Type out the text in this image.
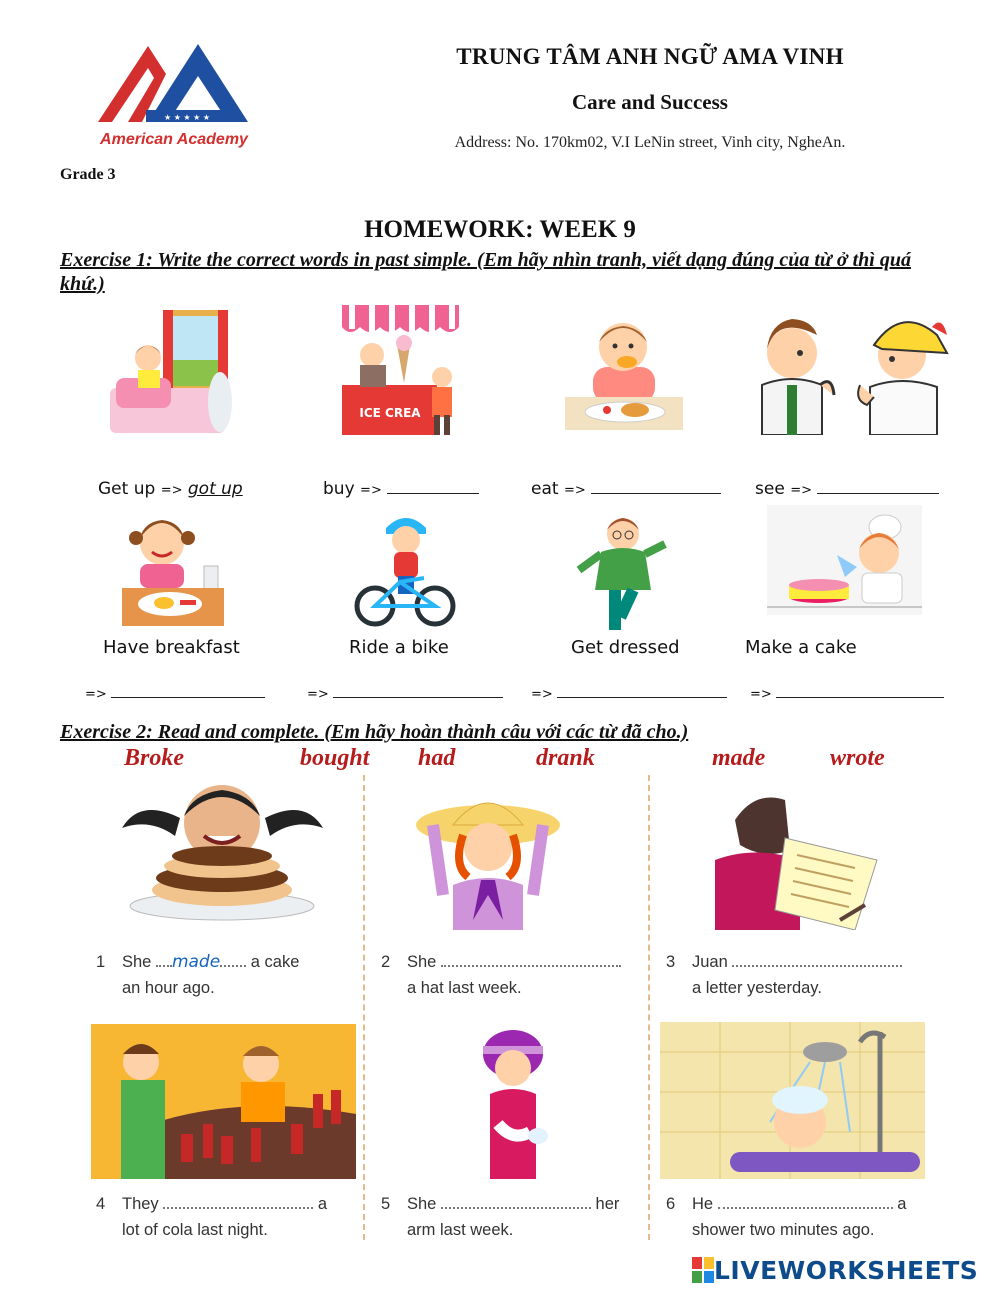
★ ★ ★ ★ ★
American Academy
TRUNG TÂM ANH NGỮ AMA VINH
Care and Success
Address: No. 170km02, V.I LeNin street, Vinh city, NgheAn.
Grade 3
HOMEWORK: WEEK 9
Exercise 1: Write the correct words in past simple. (Em hãy nhìn tranh, viết dạng đúng của từ ở thì quá khứ.)
ICE CREA
Get up => got up	buy =>	eat =>	see =>
Have breakfast	Ride a bike	Get dressed	Make a cake
=>	=>	=>	=>
Exercise 2: Read and complete. (Em hãy hoàn thành câu với các từ đã cho.)
Broke	bought had	drank	made	wrote
1 She made a cake
an hour ago.
2 She
a hat last week.
3 Juan
a letter yesterday.
4 They	a
lot of cola last night.
5 She	her
arm last week.
6 He	a
shower two minutes ago.
LIVEWORKSHEETS
